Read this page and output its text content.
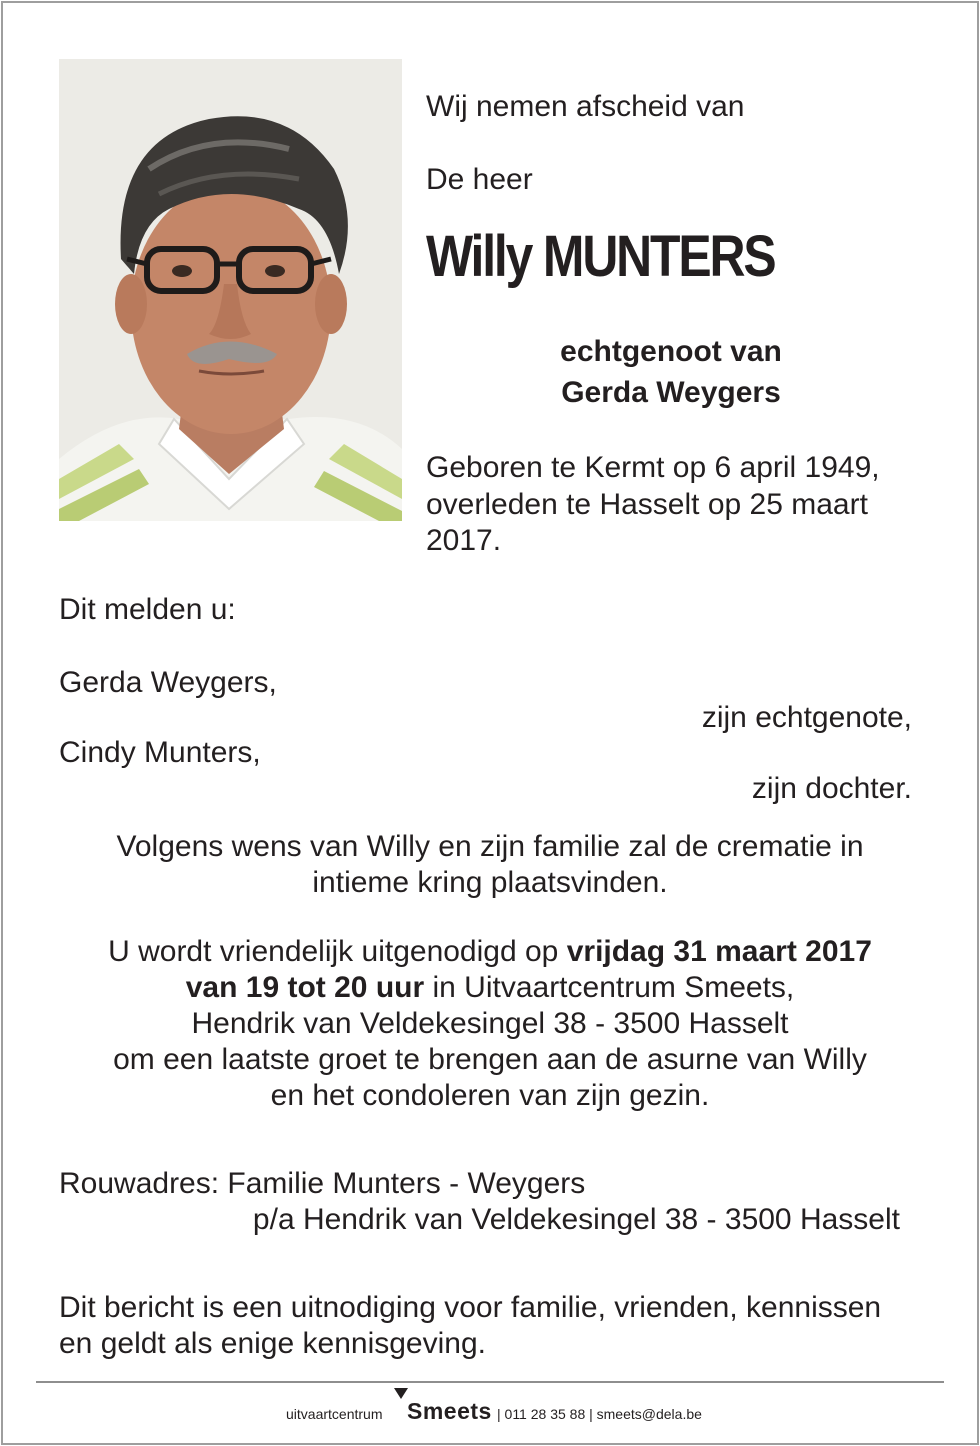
Wij nemen afscheid van
De heer
Willy MUNTERS
echtgenoot van
Gerda Weygers
Geboren te Kermt op 6 april 1949,
overleden te Hasselt op 25 maart
2017.
Dit melden u:
Gerda Weygers,
zijn echtgenote,
Cindy Munters,
zijn dochter.
Volgens wens van Willy en zijn familie zal de crematie in
intieme kring plaatsvinden.
U wordt vriendelijk uitgenodigd op vrijdag 31 maart 2017
van 19 tot 20 uur in Uitvaartcentrum Smeets,
Hendrik van Veldekesingel 38 - 3500 Hasselt
om een laatste groet te brengen aan de asurne van Willy
en het condoleren van zijn gezin.
Rouwadres: Familie Munters - Weygers
p/a Hendrik van Veldekesingel 38 - 3500 Hasselt
Dit bericht is een uitnodiging voor familie, vrienden, kennissen
en geldt als enige kennisgeving.
uitvaartcentrum Smeets | 011 28 35 88 | smeets@dela.be
